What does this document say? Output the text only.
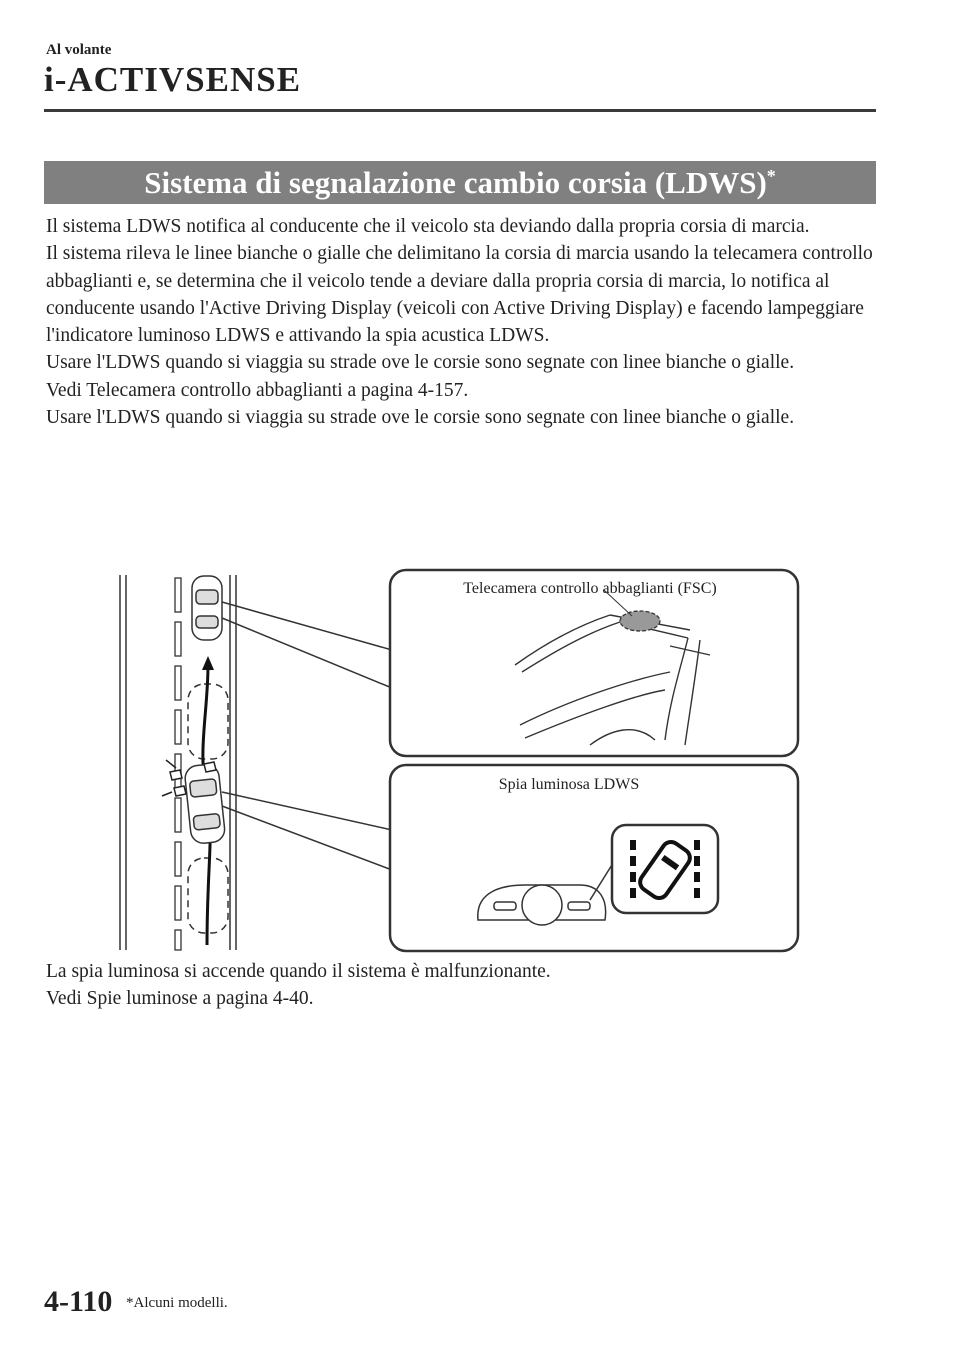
Al volante
i-ACTIVSENSE
Sistema di segnalazione cambio corsia (LDWS)*

Il sistema LDWS notifica al conducente che il veicolo sta deviando dalla propria corsia di marcia.

Il sistema rileva le linee bianche o gialle che delimitano la corsia di marcia usando la telecamera controllo abbaglianti e, se determina che il veicolo tende a deviare dalla propria corsia di marcia, lo notifica al conducente usando l'Active Driving Display (veicoli con Active Driving Display) e facendo lampeggiare l'indicatore luminoso LDWS e attivando la spia acustica LDWS.

Usare l'LDWS quando si viaggia su strade ove le corsie sono segnate con linee bianche o gialle.

Vedi Telecamera controllo abbaglianti a pagina 4-157.

Usare l'LDWS quando si viaggia su strade ove le corsie sono segnate con linee bianche o gialle.

Telecamera controllo abbaglianti (FSC)
Spia luminosa LDWS

La spia luminosa si accende quando il sistema è malfunzionante.

Vedi Spie luminose a pagina 4-40.

4-110 *Alcuni modelli.
